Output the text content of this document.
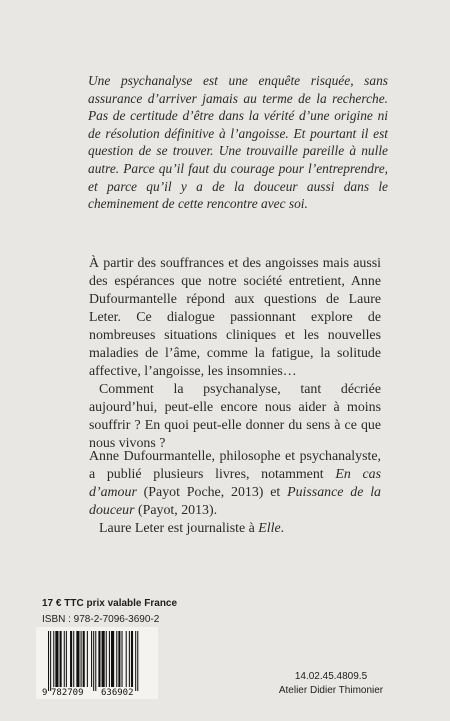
Une psychanalyse est une enquête risquée, sans assurance d’arriver jamais au terme de la recherche. Pas de certitude d’être dans la vérité d’une origine ni de résolution définitive à l’angoisse. Et pourtant il est question de se trouver. Une trouvaille pareille à nulle autre. Parce qu’il faut du courage pour l’entreprendre, et parce qu’il y a de la douceur aussi dans le cheminement de cette rencontre avec soi.

À partir des souffrances et des angoisses mais aussi des espérances que notre société entretient, Anne Dufourmantelle répond aux questions de Laure Leter. Ce dialogue passionnant explore de nombreuses situations cliniques et les nouvelles maladies de l’âme, comme la fatigue, la solitude affective, l’angoisse, les insomnies…

Comment la psychanalyse, tant décriée aujourd’hui, peut-elle encore nous aider à moins souffrir ? En quoi peut-elle donner du sens à ce que nous vivons ?

Anne Dufourmantelle, philosophe et psychanalyste, a publié plusieurs livres, notamment En cas d’amour (Payot Poche, 2013) et Puissance de la douceur (Payot, 2013).

Laure Leter est journaliste à Elle.

17 € TTC prix valable France
ISBN : 978-2-7096-3690-2
9 782709 636902
14.02.45.4809.5
Atelier Didier Thimonier
